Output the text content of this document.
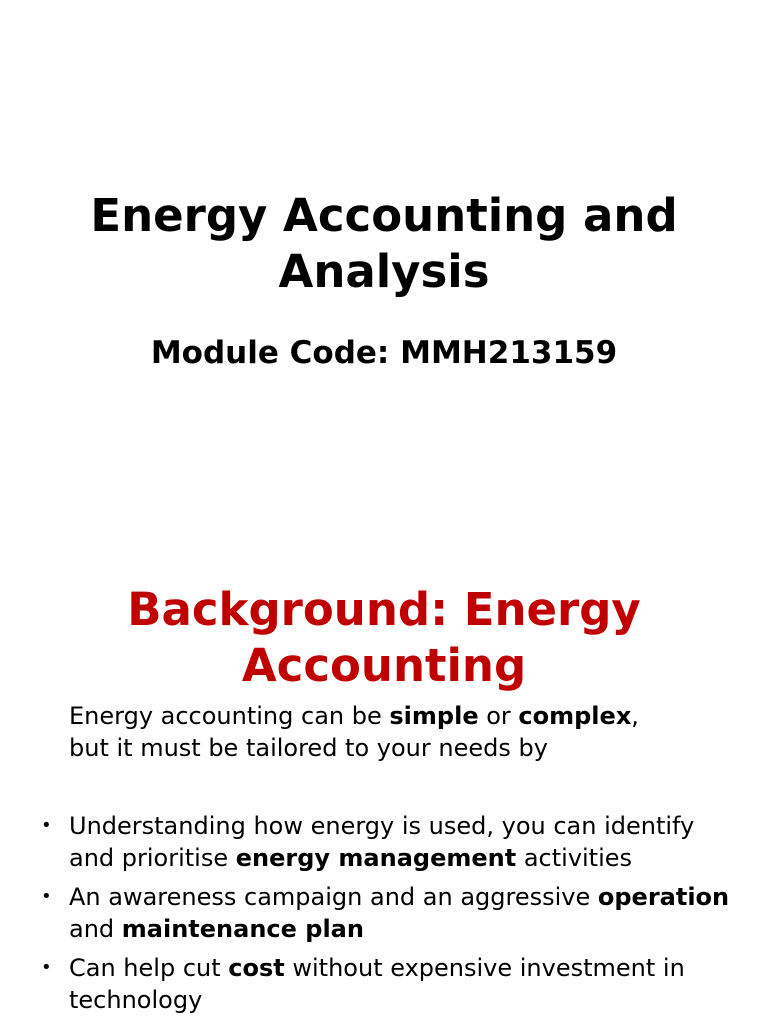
Energy Accounting and
Analysis
Module Code: MMH213159
Background: Energy
Accounting

Energy accounting can be simple or complex,
but it must be tailored to your needs by

• Understanding how energy is used, you can identify and prioritise energy management activities
• An awareness campaign and an aggressive operation and maintenance plan
• Can help cut cost without expensive investment in technology
